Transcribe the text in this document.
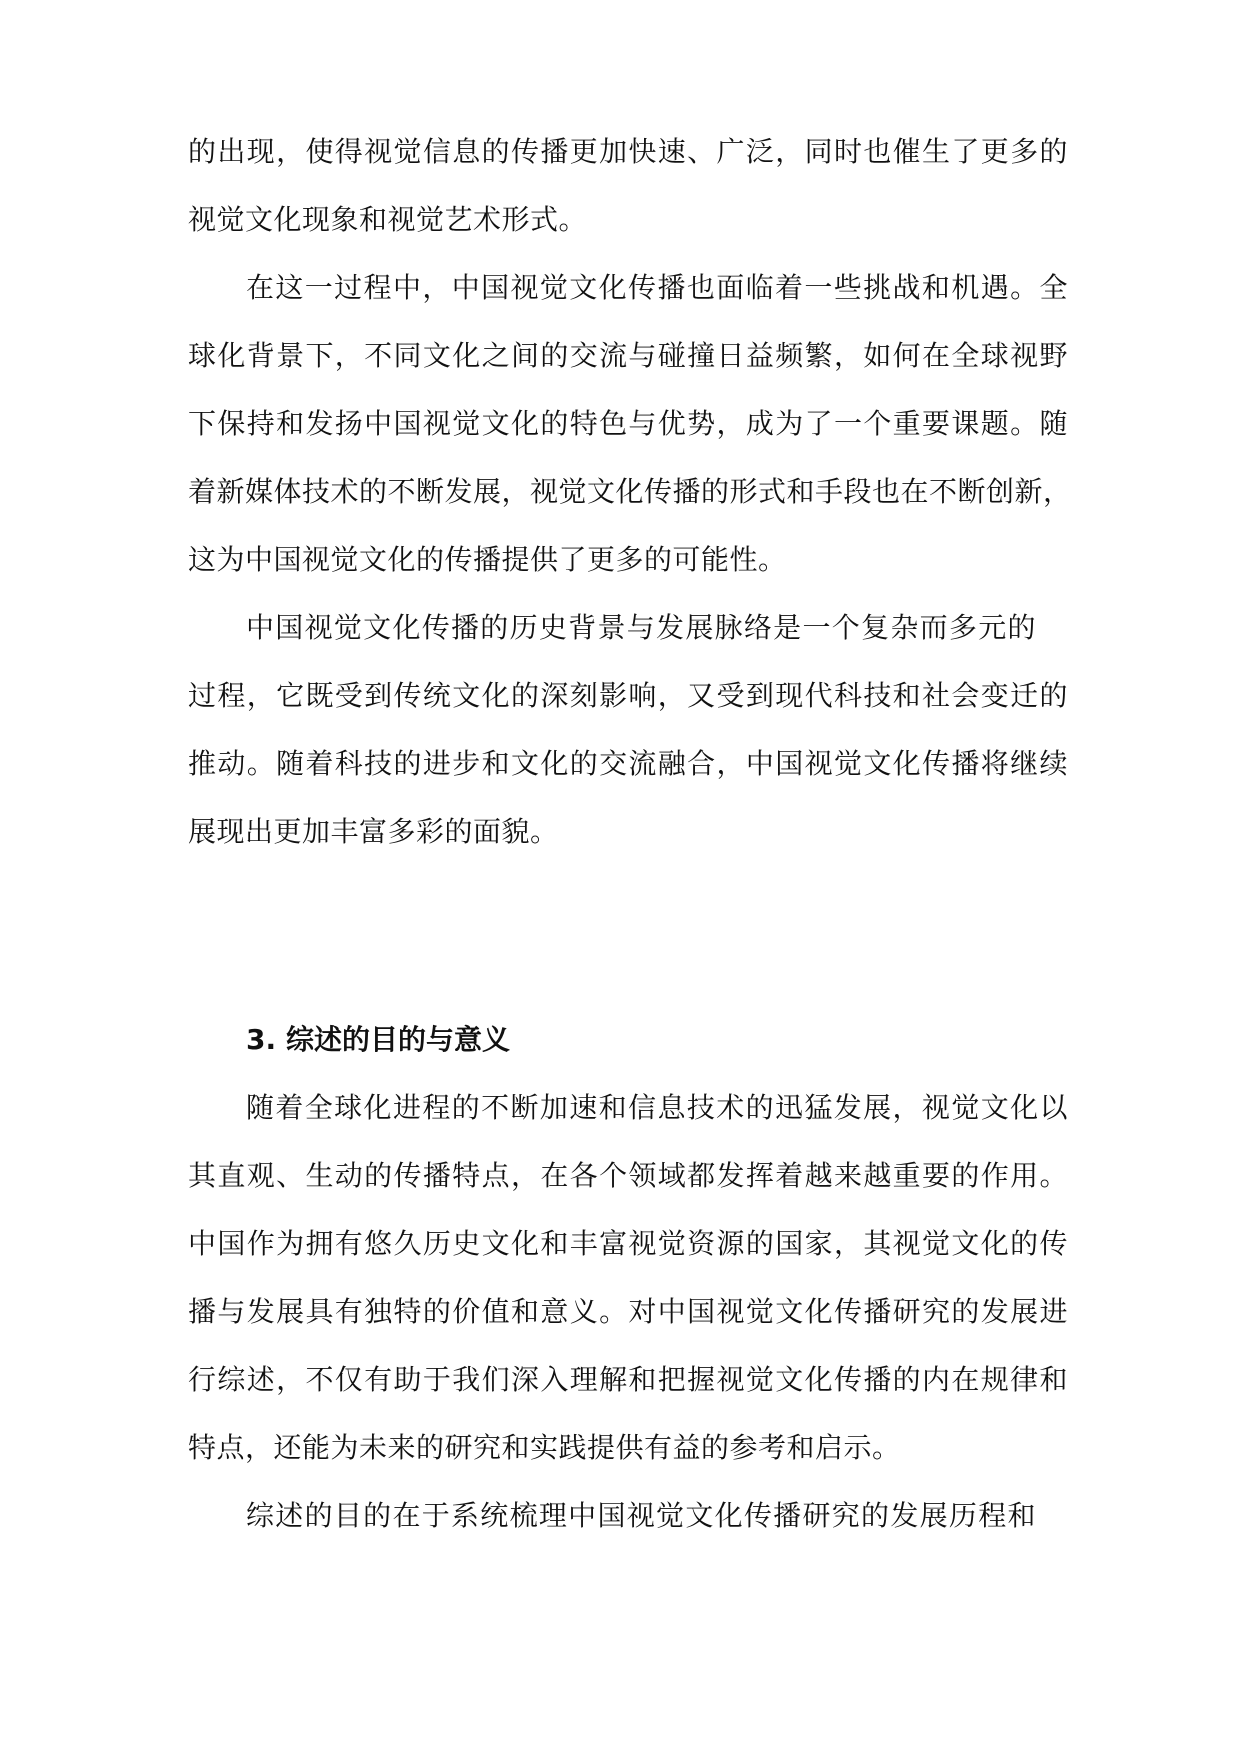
的出现，使得视觉信息的传播更加快速、广泛，同时也催生了更多的
视觉文化现象和视觉艺术形式。
在这一过程中，中国视觉文化传播也面临着一些挑战和机遇。全
球化背景下，不同文化之间的交流与碰撞日益频繁，如何在全球视野
下保持和发扬中国视觉文化的特色与优势，成为了一个重要课题。随
着新媒体技术的不断发展，视觉文化传播的形式和手段也在不断创新，
这为中国视觉文化的传播提供了更多的可能性。
中国视觉文化传播的历史背景与发展脉络是一个复杂而多元的
过程，它既受到传统文化的深刻影响，又受到现代科技和社会变迁的
推动。随着科技的进步和文化的交流融合，中国视觉文化传播将继续
展现出更加丰富多彩的面貌。
3. 综述的目的与意义
随着全球化进程的不断加速和信息技术的迅猛发展，视觉文化以
其直观、生动的传播特点，在各个领域都发挥着越来越重要的作用。
中国作为拥有悠久历史文化和丰富视觉资源的国家，其视觉文化的传
播与发展具有独特的价值和意义。对中国视觉文化传播研究的发展进
行综述，不仅有助于我们深入理解和把握视觉文化传播的内在规律和
特点，还能为未来的研究和实践提供有益的参考和启示。
综述的目的在于系统梳理中国视觉文化传播研究的发展历程和
